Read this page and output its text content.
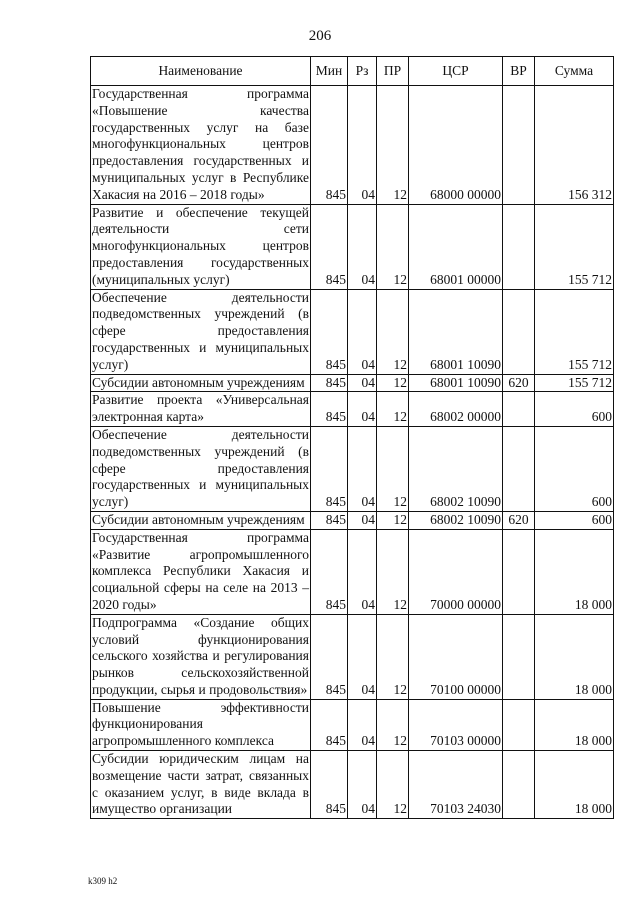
206
Наименование	Мин	Рз	ПР	ЦСР	ВР	Сумма
Государственная программа «Повышение качества государственных услуг на базе многофункциональных центров предоставления государственных и муниципальных услуг в Республике Хакасия на 2016 – 2018 годы»	845	04	12	68000 00000		156 312
Развитие и обеспечение текущей деятельности сети многофункциональных центров предоставления государственных (муниципальных услуг)	845	04	12	68001 00000		155 712
Обеспечение деятельности подведомственных учреждений (в сфере предоставления государственных и муниципальных услуг)	845	04	12	68001 10090		155 712
Субсидии автономным учреждениям	845	04	12	68001 10090	620	155 712
Развитие проекта «Универсальная электронная карта»	845	04	12	68002 00000		600
Обеспечение деятельности подведомственных учреждений (в сфере предоставления государственных и муниципальных услуг)	845	04	12	68002 10090		600
Субсидии автономным учреждениям	845	04	12	68002 10090	620	600
Государственная программа «Развитие агропромышленного комплекса Республики Хакасия и социальной сферы на селе на 2013 – 2020 годы»	845	04	12	70000 00000		18 000
Подпрограмма «Создание общих условий функционирования сельского хозяйства и регулирования рынков сельскохозяйственной продукции, сырья и продовольствия»	845	04	12	70100 00000		18 000
Повышение эффективности функционирования агропромышленного комплекса	845	04	12	70103 00000		18 000
Субсидии юридическим лицам на возмещение части затрат, связанных с оказанием услуг, в виде вклада в имущество организации	845	04	12	70103 24030		18 000
k309 h2
